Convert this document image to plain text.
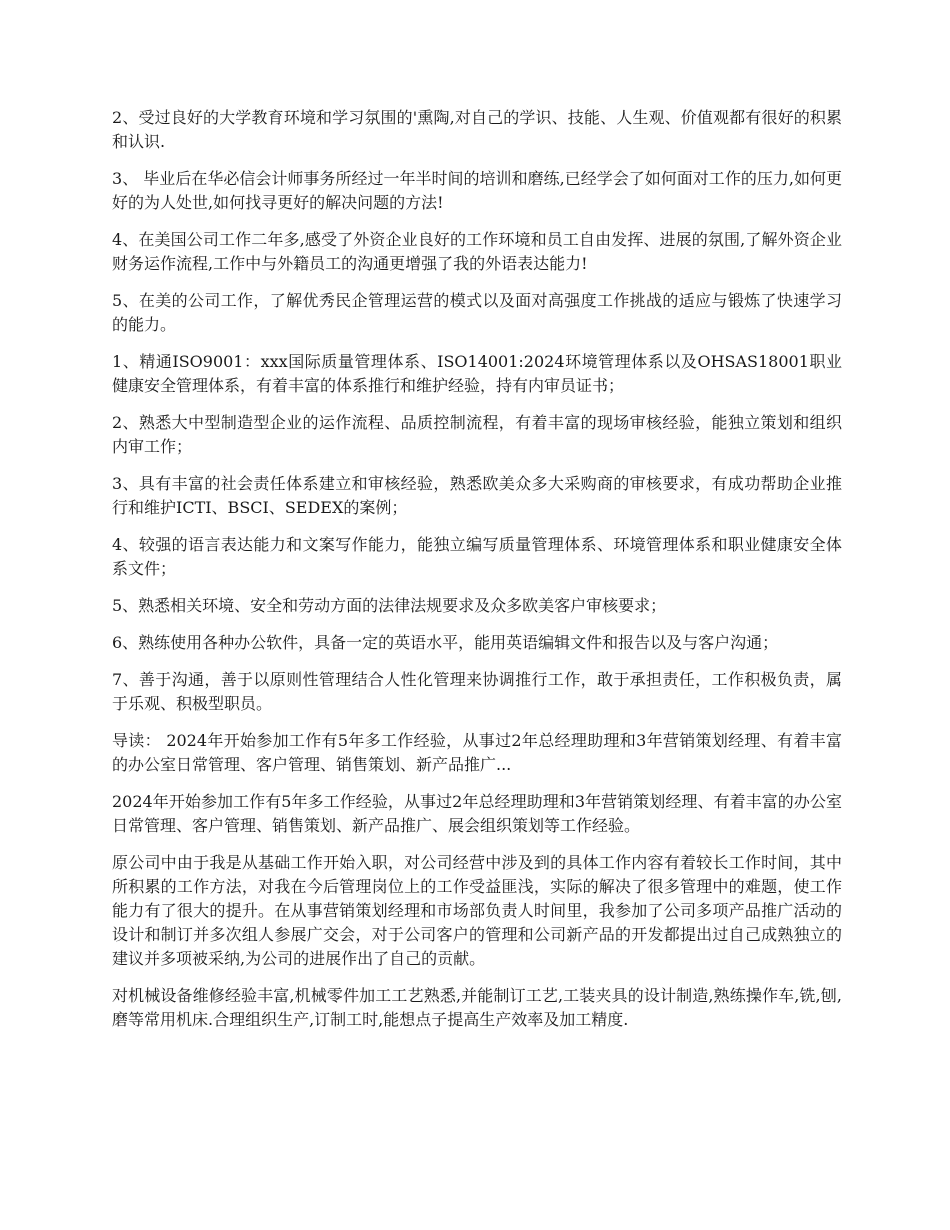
2、受过良好的大学教育环境和学习氛围的'熏陶,对自己的学识、技能、人生观、价值观都有很好的积累和认识.

3、 毕业后在华必信会计师事务所经过一年半时间的培训和磨练,已经学会了如何面对工作的压力,如何更好的为人处世,如何找寻更好的解决问题的方法!

4、在美国公司工作二年多,感受了外资企业良好的工作环境和员工自由发挥、进展的氛围,了解外资企业财务运作流程,工作中与外籍员工的沟通更增强了我的外语表达能力!

5、在美的公司工作，了解优秀民企管理运营的模式以及面对高强度工作挑战的适应与锻炼了快速学习的能力。

1、精通ISO9001：xxx国际质量管理体系、ISO14001:2024环境管理体系以及OHSAS18001职业健康安全管理体系，有着丰富的体系推行和维护经验，持有内审员证书；

2、熟悉大中型制造型企业的运作流程、品质控制流程，有着丰富的现场审核经验，能独立策划和组织内审工作；

3、具有丰富的社会责任体系建立和审核经验，熟悉欧美众多大采购商的审核要求，有成功帮助企业推行和维护ICTI、BSCI、SEDEX的案例；

4、较强的语言表达能力和文案写作能力，能独立编写质量管理体系、环境管理体系和职业健康安全体系文件；

5、熟悉相关环境、安全和劳动方面的法律法规要求及众多欧美客户审核要求；

6、熟练使用各种办公软件，具备一定的英语水平，能用英语编辑文件和报告以及与客户沟通；

7、善于沟通，善于以原则性管理结合人性化管理来协调推行工作，敢于承担责任，工作积极负责，属于乐观、积极型职员。

导读： 2024年开始参加工作有5年多工作经验，从事过2年总经理助理和3年营销策划经理、有着丰富的办公室日常管理、客户管理、销售策划、新产品推广...

2024年开始参加工作有5年多工作经验，从事过2年总经理助理和3年营销策划经理、有着丰富的办公室日常管理、客户管理、销售策划、新产品推广、展会组织策划等工作经验。

原公司中由于我是从基础工作开始入职，对公司经营中涉及到的具体工作内容有着较长工作时间，其中所积累的工作方法，对我在今后管理岗位上的工作受益匪浅，实际的解决了很多管理中的难题，使工作能力有了很大的提升。在从事营销策划经理和市场部负责人时间里，我参加了公司多项产品推广活动的设计和制订并多次组人参展广交会，对于公司客户的管理和公司新产品的开发都提出过自己成熟独立的建议并多项被采纳,为公司的进展作出了自己的贡献。

对机械设备维修经验丰富,机械零件加工工艺熟悉,并能制订工艺,工装夹具的设计制造,熟练操作车,铣,刨,磨等常用机床.合理组织生产,订制工时,能想点子提高生产效率及加工精度.
